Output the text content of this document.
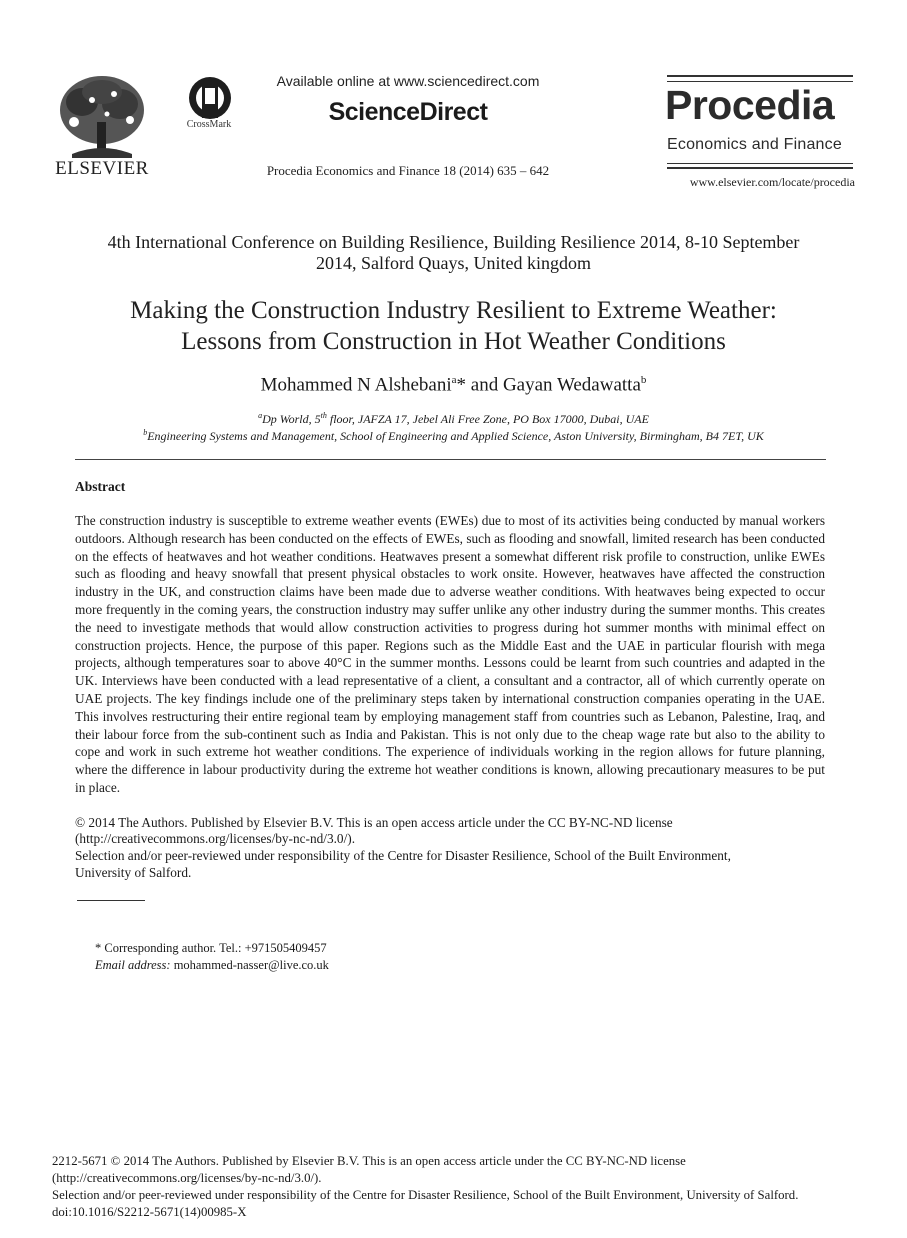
ELSEVIER
CrossMark
Available online at www.sciencedirect.com
ScienceDirect
Procedia Economics and Finance 18 (2014) 635 – 642
Procedia
Economics and Finance
www.elsevier.com/locate/procedia
4th International Conference on Building Resilience, Building Resilience 2014, 8-10 September
2014, Salford Quays, United kingdom
Making the Construction Industry Resilient to Extreme Weather:
Lessons from Construction in Hot Weather Conditions
Mohammed N Alshebani$^a$* and Gayan Wedawatta$^b$
$^a$Dp World, 5th floor, JAFZA 17, Jebel Ali Free Zone, PO Box 17000, Dubai, UAE
$^b$Engineering Systems and Management, School of Engineering and Applied Science, Aston University, Birmingham, B4 7ET, UK
Abstract
The construction industry is susceptible to extreme weather events (EWEs) due to most of its activities being conducted by manual workers outdoors. Although research has been conducted on the effects of EWEs, such as flooding and snowfall, limited research has been conducted on the effects of heatwaves and hot weather conditions. Heatwaves present a somewhat different risk profile to construction, unlike EWEs such as flooding and heavy snowfall that present physical obstacles to work onsite. However, heatwaves have affected the construction industry in the UK, and construction claims have been made due to adverse weather conditions. With heatwaves being expected to occur more frequently in the coming years, the construction industry may suffer unlike any other industry during the summer months. This creates the need to investigate methods that would allow construction activities to progress during hot summer months with minimal effect on construction projects. Hence, the purpose of this paper. Regions such as the Middle East and the UAE in particular flourish with mega projects, although temperatures soar to above 40°C in the summer months. Lessons could be learnt from such countries and adapted in the UK. Interviews have been conducted with a lead representative of a client, a consultant and a contractor, all of which currently operate on UAE projects. The key findings include one of the preliminary steps taken by international construction companies operating in the UAE. This involves restructuring their entire regional team by employing management staff from countries such as Lebanon, Palestine, Iraq, and their labour force from the sub-continent such as India and Pakistan. This is not only due to the cheap wage rate but also to the ability to cope and work in such extreme hot weather conditions. The experience of individuals working in the region allows for future planning, where the difference in labour productivity during the extreme hot weather conditions is known, allowing precautionary measures to be put in place.
© 2014 The Authors. Published by Elsevier B.V. This is an open access article under the CC BY-NC-ND license
(http://creativecommons.org/licenses/by-nc-nd/3.0/).
Selection and/or peer-reviewed under responsibility of the Centre for Disaster Resilience, School of the Built Environment,
University of Salford.
* Corresponding author. Tel.: +971505409457
Email address: mohammed-nasser@live.co.uk
2212-5671 © 2014 The Authors. Published by Elsevier B.V. This is an open access article under the CC BY-NC-ND license
(http://creativecommons.org/licenses/by-nc-nd/3.0/).
Selection and/or peer-reviewed under responsibility of the Centre for Disaster Resilience, School of the Built Environment, University of Salford.
doi:10.1016/S2212-5671(14)00985-X
